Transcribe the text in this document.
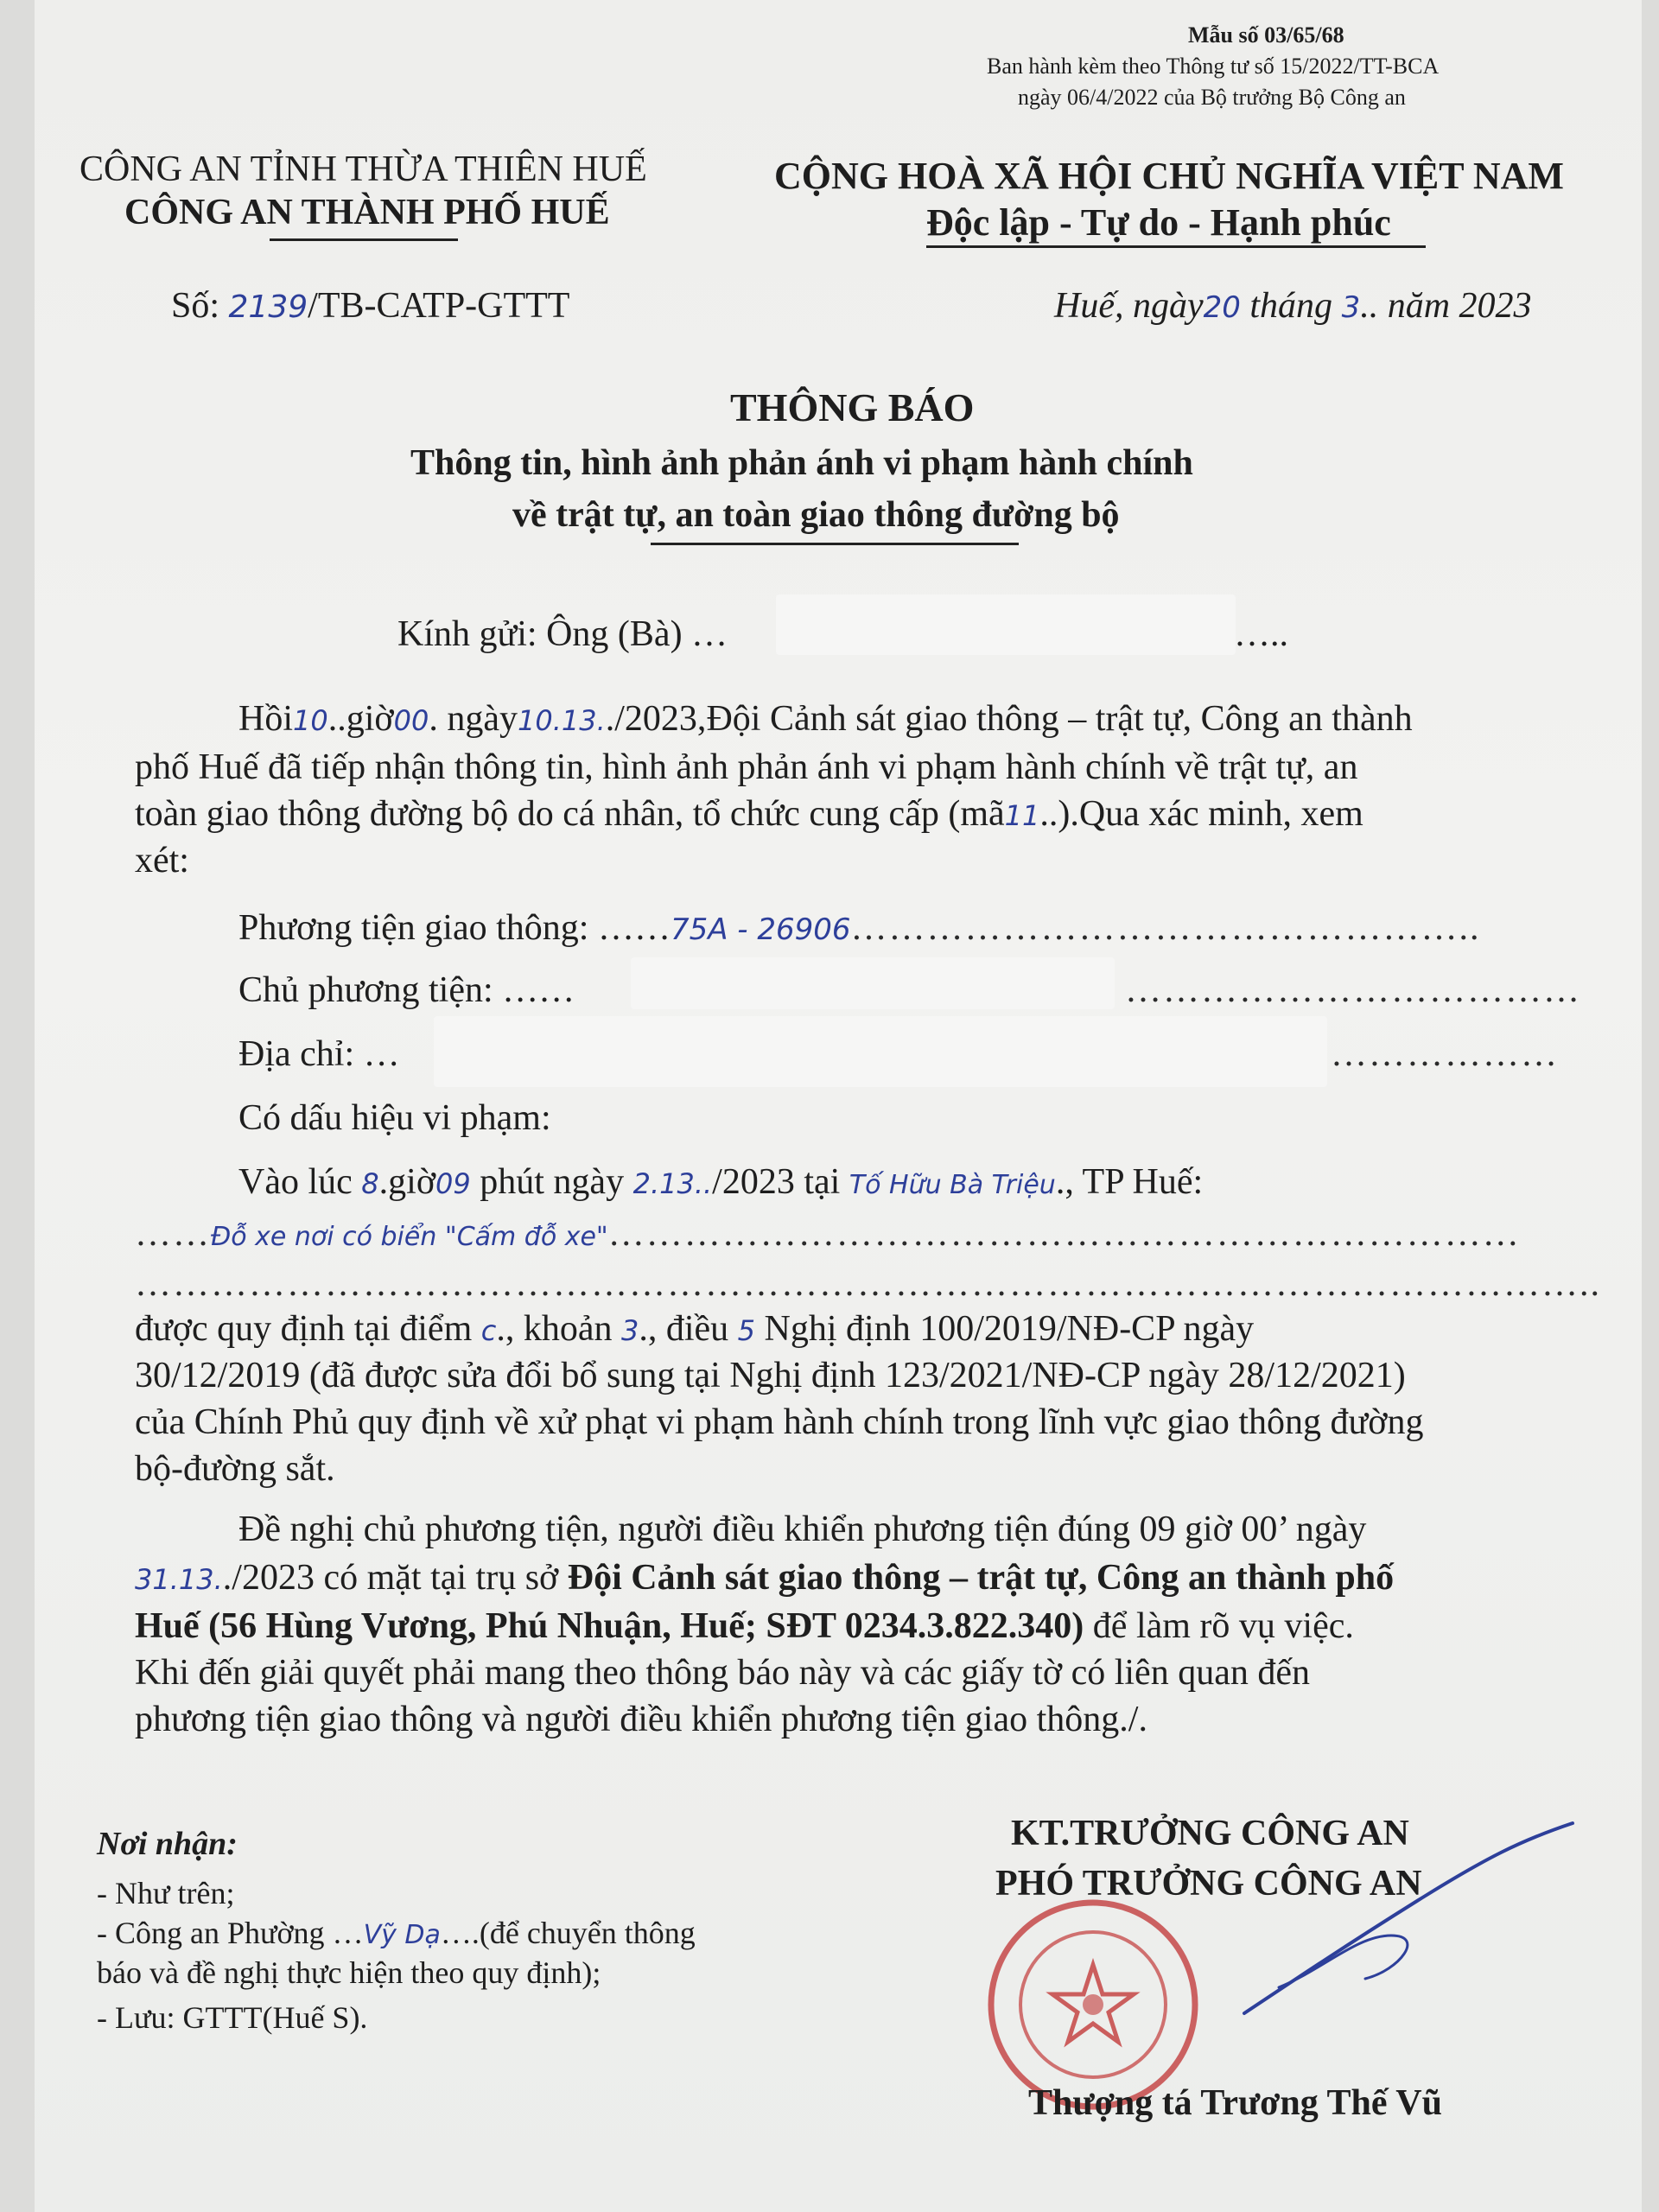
Mẫu số 03/65/68
Ban hành kèm theo Thông tư số 15/2022/TT-BCA
ngày 06/4/2022 của Bộ trưởng Bộ Công an
CÔNG AN TỈNH THỪA THIÊN HUẾ
CÔNG AN THÀNH PHỐ HUẾ
CỘNG HOÀ XÃ HỘI CHỦ NGHĨA VIỆT NAM
Độc lập - Tự do - Hạnh phúc
Số: 2139/TB-CATP-GTTT	Huế, ngày20 tháng 3.. năm 2023
THÔNG BÁO
Thông tin, hình ảnh phản ánh vi phạm hành chính
về trật tự, an toàn giao thông đường bộ
Kính gửi: Ông (Bà) …	…..
Hồi10..giờ00. ngày10.13../2023,Đội Cảnh sát giao thông – trật tự, Công an thành
phố Huế đã tiếp nhận thông tin, hình ảnh phản ánh vi phạm hành chính về trật tự, an
toàn giao thông đường bộ do cá nhân, tổ chức cung cấp (mã11..).Qua xác minh, xem
xét:
Phương tiện giao thông: ……75A - 26906…………………………………………..
Chủ phương tiện: ……	………………………………
Địa chỉ: …	………………
Có dấu hiệu vi phạm:
Vào lúc 8.giờ09 phút ngày 2.13../2023 tại Tố Hữu Bà Triệu., TP Huế:
……Đỗ xe nơi có biển "Cấm đỗ xe"………………………………………………………………
……………………………………………………………………………………………………..
được quy định tại điểm c., khoản 3., điều 5 Nghị định 100/2019/NĐ-CP ngày
30/12/2019 (đã được sửa đổi bổ sung tại Nghị định 123/2021/NĐ-CP ngày 28/12/2021)
của Chính Phủ quy định về xử phạt vi phạm hành chính trong lĩnh vực giao thông đường
bộ-đường sắt.
Đề nghị chủ phương tiện, người điều khiển phương tiện đúng 09 giờ 00’ ngày
31.13../2023 có mặt tại trụ sở Đội Cảnh sát giao thông – trật tự, Công an thành phố
Huế (56 Hùng Vương, Phú Nhuận, Huế; SĐT 0234.3.822.340) để làm rõ vụ việc.
Khi đến giải quyết phải mang theo thông báo này và các giấy tờ có liên quan đến
phương tiện giao thông và người điều khiển phương tiện giao thông./.
Nơi nhận:
- Như trên;
- Công an Phường …Vỹ Dạ….(để chuyển thông
báo và đề nghị thực hiện theo quy định);
- Lưu: GTTT(Huế S).
KT.TRƯỞNG CÔNG AN
PHÓ TRƯỞNG CÔNG AN
Thượng tá Trương Thế Vũ
